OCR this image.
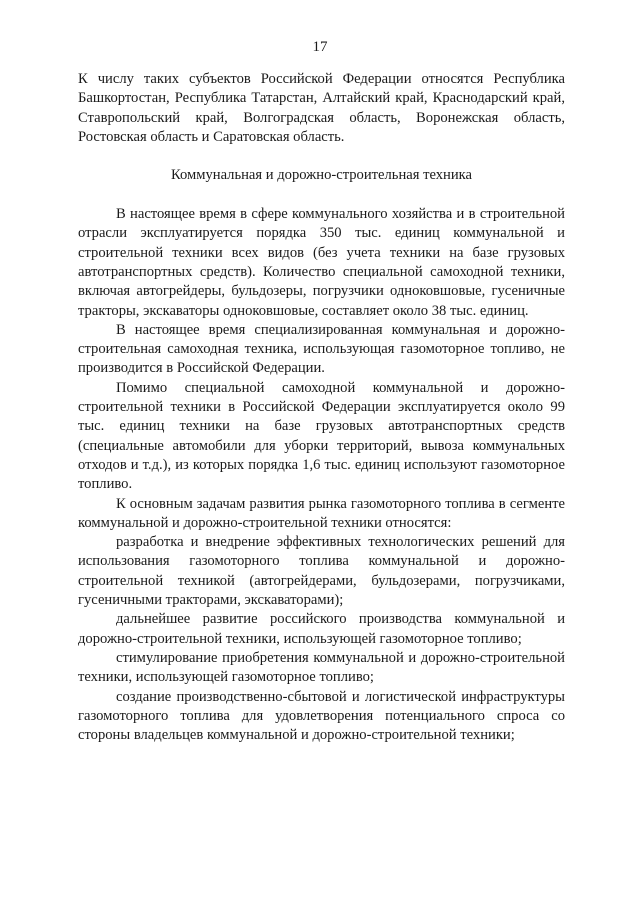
17

К числу таких субъектов Российской Федерации относятся Республика Башкортостан, Республика Татарстан, Алтайский край, Краснодарский край, Ставропольский край, Волгоградская область, Воронежская область, Ростовская область и Саратовская область.

Коммунальная и дорожно-строительная техника

В настоящее время в сфере коммунального хозяйства и в строительной отрасли эксплуатируется порядка 350 тыс. единиц коммунальной и строительной техники всех видов (без учета техники на базе грузовых автотранспортных средств). Количество специальной самоходной техники, включая автогрейдеры, бульдозеры, погрузчики одноковшовые, гусеничные тракторы, экскаваторы одноковшовые, составляет около 38 тыс. единиц.

В настоящее время специализированная коммунальная и дорожно-строительная самоходная техника, использующая газомоторное топливо, не производится в Российской Федерации.

Помимо специальной самоходной коммунальной и дорожно-строительной техники в Российской Федерации эксплуатируется около 99 тыс. единиц техники на базе грузовых автотранспортных средств (специальные автомобили для уборки территорий, вывоза коммунальных отходов и т.д.), из которых порядка 1,6 тыс. единиц используют газомоторное топливо.

К основным задачам развития рынка газомоторного топлива в сегменте коммунальной и дорожно-строительной техники относятся:

разработка и внедрение эффективных технологических решений для использования газомоторного топлива коммунальной и дорожно-строительной техникой (автогрейдерами, бульдозерами, погрузчиками, гусеничными тракторами, экскаваторами);

дальнейшее развитие российского производства коммунальной и дорожно-строительной техники, использующей газомоторное топливо;

стимулирование приобретения коммунальной и дорожно-строительной техники, использующей газомоторное топливо;

создание производственно-сбытовой и логистической инфраструктуры газомоторного топлива для удовлетворения потенциального спроса со стороны владельцев коммунальной и дорожно-строительной техники;
